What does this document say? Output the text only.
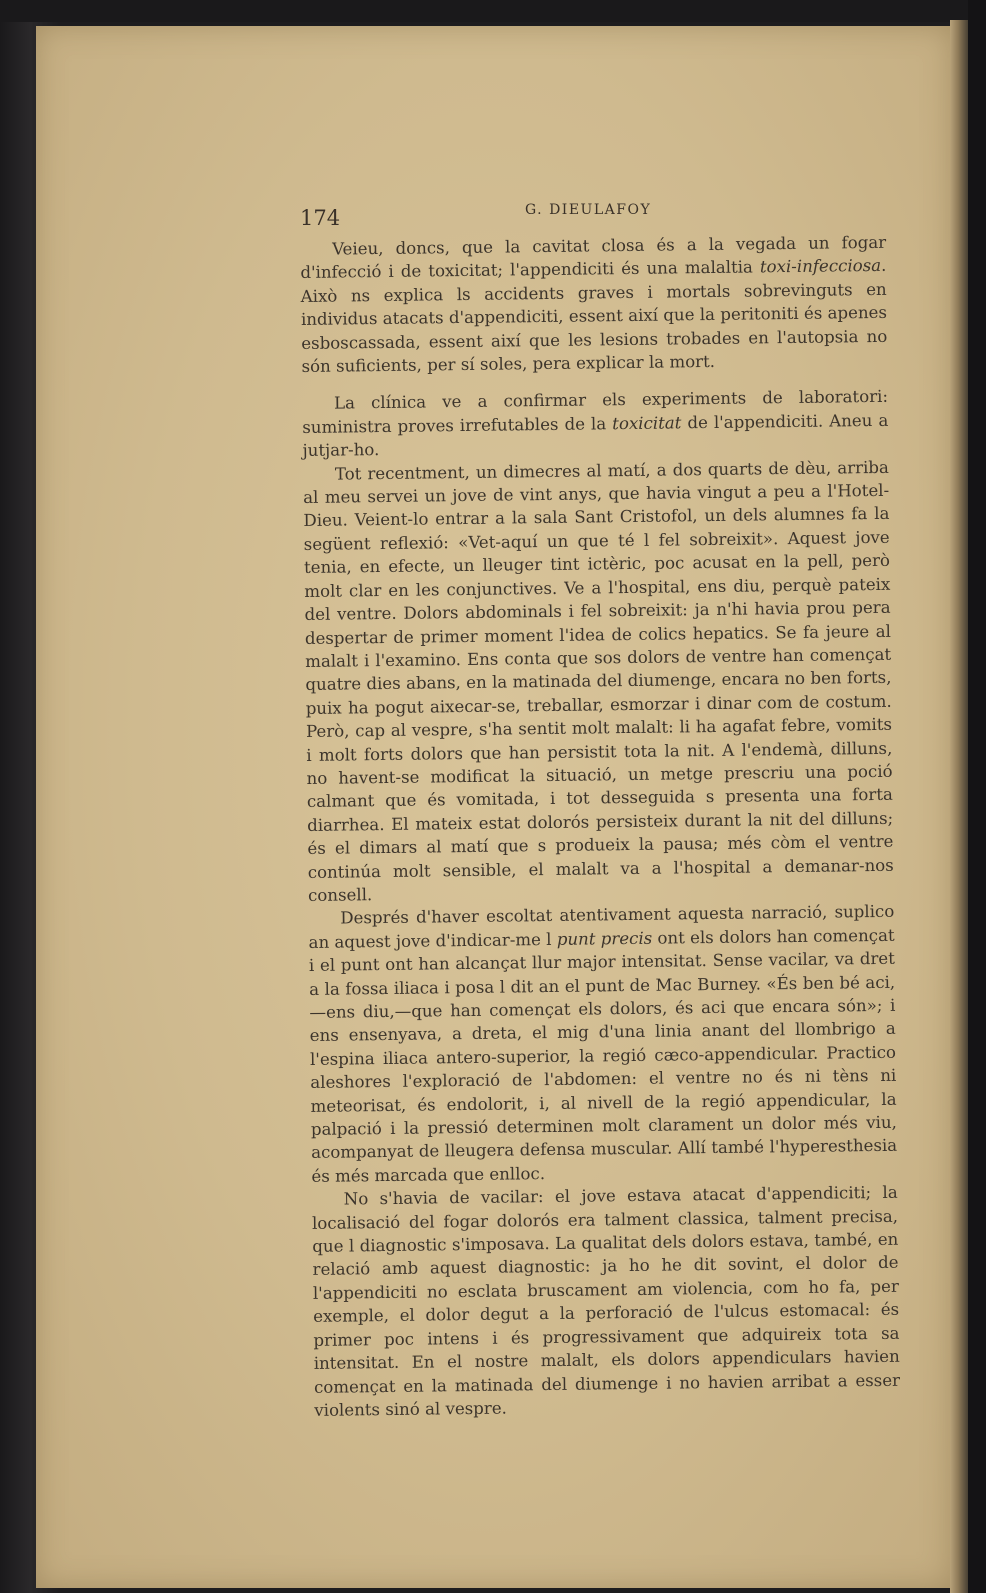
174	G. DIEULAFOY

Veieu, doncs, que la cavitat closa és a la vegada un fogar d'infecció i de toxicitat; l'appendiciti és una malaltia toxi-infecciosa. Això ns explica ls accidents graves i mortals sobrevinguts en individus atacats d'appendiciti, essent així que la peritoniti és apenes esboscassada, essent així que les lesions trobades en l'autopsia no són suficients, per sí soles, pera explicar la mort.

La clínica ve a confirmar els experiments de laboratori: suministra proves irrefutables de la toxicitat de l'appendiciti. Aneu a jutjar-ho.

Tot recentment, un dimecres al matí, a dos quarts de dèu, arriba al meu servei un jove de vint anys, que havia vingut a peu a l'Hotel-Dieu. Veient-lo entrar a la sala Sant Cristofol, un dels alumnes fa la següent reflexió: «Vet-aquí un que té l fel sobreixit». Aquest jove tenia, en efecte, un lleuger tint ictèric, poc acusat en la pell, però molt clar en les conjunctives. Ve a l'hospital, ens diu, perquè pateix del ventre. Dolors abdominals i fel sobreixit: ja n'hi havia prou pera despertar de primer moment l'idea de colics hepatics. Se fa jeure al malalt i l'examino. Ens conta que sos dolors de ventre han començat quatre dies abans, en la matinada del diumenge, encara no ben forts, puix ha pogut aixecar-se, treballar, esmorzar i dinar com de costum. Però, cap al vespre, s'ha sentit molt malalt: li ha agafat febre, vomits i molt forts dolors que han persistit tota la nit. A l'endemà, dilluns, no havent-se modificat la situació, un metge prescriu una poció calmant que és vomitada, i tot desseguida s presenta una forta diarrhea. El mateix estat dolorós persisteix durant la nit del dilluns; és el dimars al matí que s produeix la pausa; més còm el ventre continúa molt sensible, el malalt va a l'hospital a demanar-nos consell.

Després d'haver escoltat atentivament aquesta narració, suplico an aquest jove d'indicar-me l punt precis ont els dolors han començat i el punt ont han alcançat llur major intensitat. Sense vacilar, va dret a la fossa iliaca i posa l dit an el punt de Mac Burney. «És ben bé aci,—ens diu,—que han començat els dolors, és aci que encara són»; i ens ensenyava, a dreta, el mig d'una linia anant del llombrigo a l'espina iliaca antero-superior, la regió cæco-appendicular. Practico aleshores l'exploració de l'abdomen: el ventre no és ni tèns ni meteorisat, és endolorit, i, al nivell de la regió appendicular, la palpació i la pressió determinen molt clarament un dolor més viu, acompanyat de lleugera defensa muscular. Allí també l'hyperesthesia és més marcada que enlloc.

No s'havia de vacilar: el jove estava atacat d'appendiciti; la localisació del fogar dolorós era talment classica, talment precisa, que l diagnostic s'imposava. La qualitat dels dolors estava, també, en relació amb aquest diagnostic: ja ho he dit sovint, el dolor de l'appendiciti no esclata bruscament am violencia, com ho fa, per exemple, el dolor degut a la perforació de l'ulcus estomacal: és primer poc intens i és progressivament que adquireix tota sa intensitat. En el nostre malalt, els dolors appendiculars havien començat en la matinada del diumenge i no havien arribat a esser violents sinó al vespre.
